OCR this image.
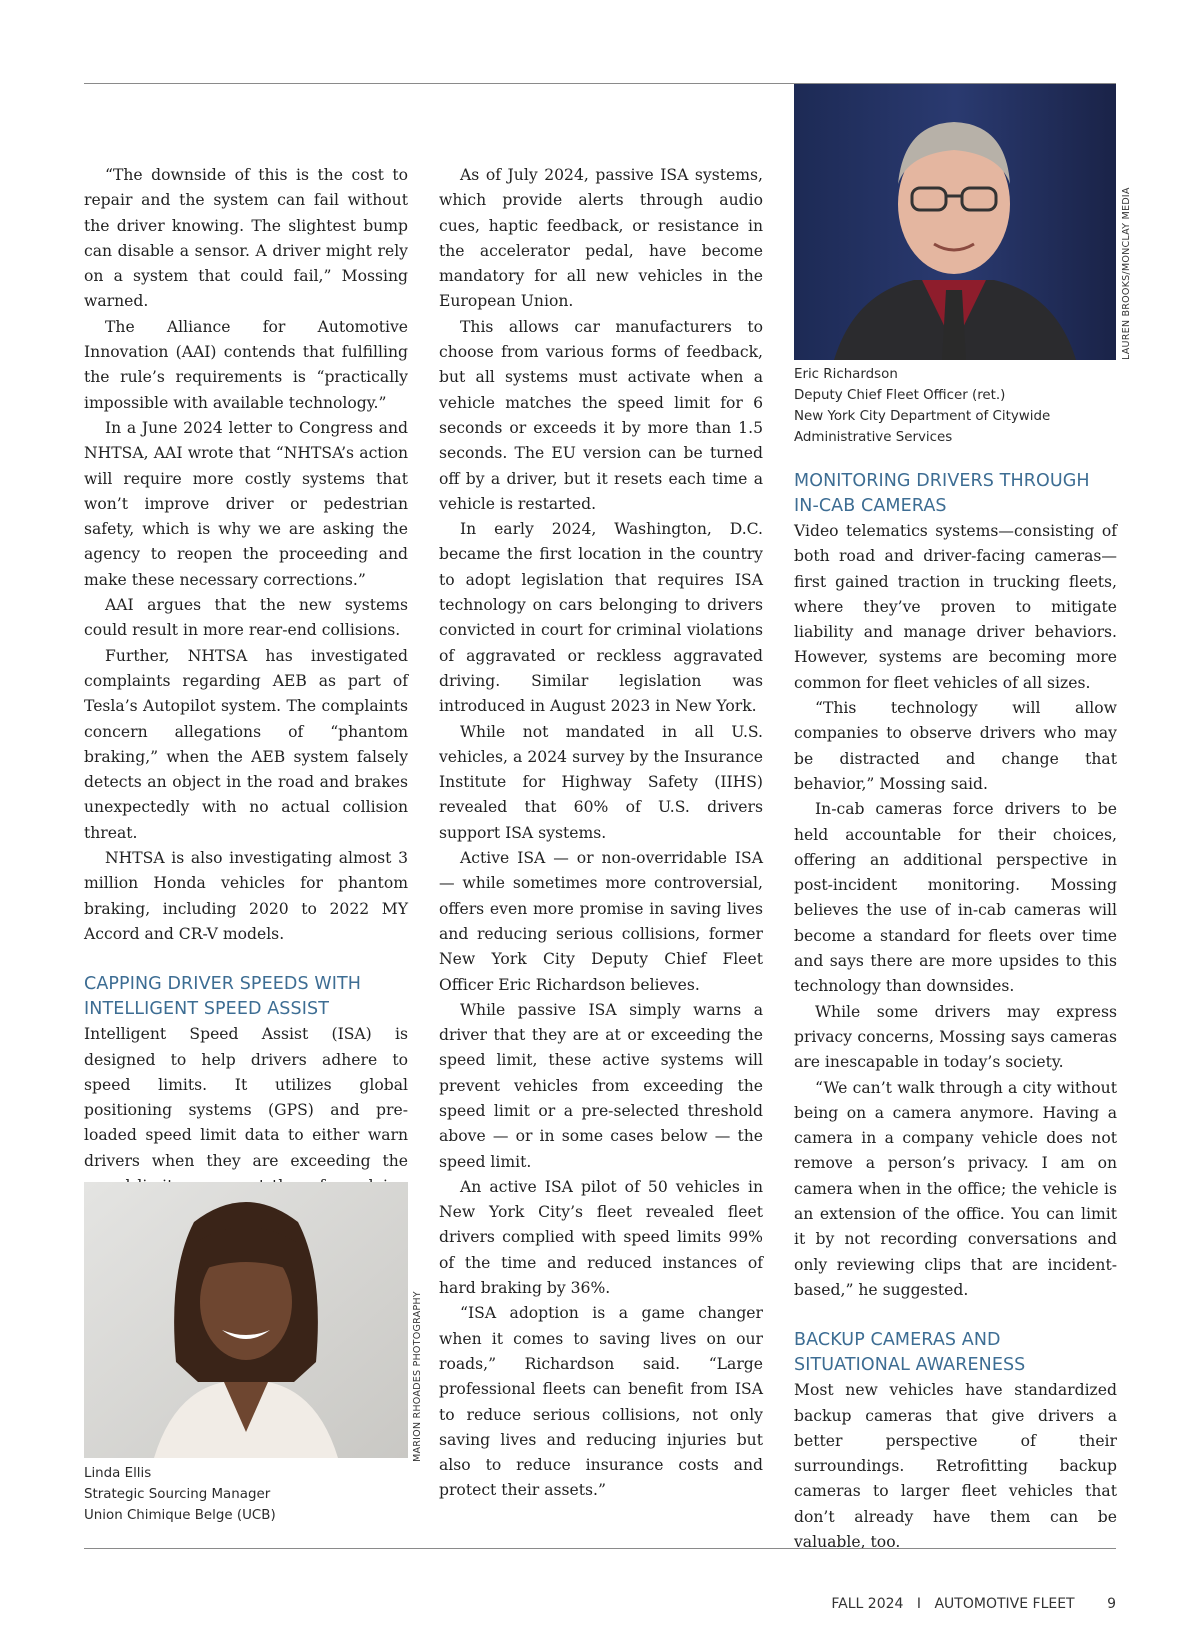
“The downside of this is the cost to repair and the system can fail without the driver knowing. The slightest bump can disable a sensor. A driver might rely on a system that could fail,” Mossing warned.

The Alliance for Automotive Innovation (AAI) contends that fulfilling the rule’s requirements is “practically impossible with available technology.”

In a June 2024 letter to Congress and NHTSA, AAI wrote that “NHTSA’s action will require more costly systems that won’t improve driver or pedestrian safety, which is why we are asking the agency to reopen the proceeding and make these necessary corrections.”

AAI argues that the new systems could result in more rear-end collisions.

Further, NHTSA has investigated complaints regarding AEB as part of Tesla’s Autopilot system. The complaints concern allegations of “phantom braking,” when the AEB system falsely detects an object in the road and brakes unexpectedly with no actual collision threat.

NHTSA is also investigating almost 3 million Honda vehicles for phantom braking, including 2020 to 2022 MY Accord and CR-V models.

CAPPING DRIVER SPEEDS WITH INTELLIGENT SPEED ASSIST

Intelligent Speed Assist (ISA) is designed to help drivers adhere to speed limits. It utilizes global positioning systems (GPS) and pre-loaded speed limit data to either warn drivers when they are exceeding the

MARION RHOADES PHOTOGRAPHY
Linda Ellis
Strategic Sourcing Manager
Union Chimique Belge (UCB)

As of July 2024, passive ISA systems, which provide alerts through audio cues, haptic feedback, or resistance in the accelerator pedal, have become mandatory for all new vehicles in the European Union.

This allows car manufacturers to choose from various forms of feedback, but all systems must activate when a vehicle matches the speed limit for 6 seconds or exceeds it by more than 1.5 seconds. The EU version can be turned off by a driver, but it resets each time a vehicle is restarted.

In early 2024, Washington, D.C. became the first location in the country to adopt legislation that requires ISA technology on cars belonging to drivers convicted in court for criminal violations of aggravated or reckless aggravated driving. Similar legislation was introduced in August 2023 in New York.

While not mandated in all U.S. vehicles, a 2024 survey by the Insurance Institute for Highway Safety (IIHS) revealed that 60% of U.S. drivers support ISA systems.

Active ISA — or non-overridable ISA — while sometimes more controversial, offers even more promise in saving lives and reducing serious collisions, former New York City Deputy Chief Fleet Officer Eric Richardson believes.

While passive ISA simply warns a driver that they are at or exceeding the speed limit, these active systems will prevent vehicles from exceeding the speed limit or a pre-selected threshold above — or in some cases below — the speed limit.

An active ISA pilot of 50 vehicles in New York City’s fleet revealed fleet drivers complied with speed limits 99% of the time and reduced instances of hard braking by 36%.

“ISA adoption is a game changer when it comes to saving lives on our roads,” Richardson said. “Large professional fleets can benefit from ISA to reduce serious collisions, not only saving lives and reducing injuries but also to reduce insurance costs and protect their assets.”

LAUREN BROOKS/MONCLAY MEDIA
Eric Richardson
Deputy Chief Fleet Officer (ret.)
New York City Department of Citywide
Administrative Services
MONITORING DRIVERS THROUGH IN-CAB CAMERAS

Video telematics systems—consisting of both road and driver-facing cameras—first gained traction in trucking fleets, where they’ve proven to mitigate liability and manage driver behaviors. However, systems are becoming more common for fleet vehicles of all sizes.

“This technology will allow companies to observe drivers who may be distracted and change that behavior,” Mossing said.

In-cab cameras force drivers to be held accountable for their choices, offering an additional perspective in post-incident monitoring. Mossing believes the use of in-cab cameras will become a standard for fleets over time and says there are more upsides to this technology than downsides.

While some drivers may express privacy concerns, Mossing says cameras are inescapable in today’s society.

“We can’t walk through a city without being on a camera anymore. Having a camera in a company vehicle does not remove a person’s privacy. I am on camera when in the office; the vehicle is an extension of the office. You can limit it by not recording conversations and only reviewing clips that are incident-based,” he suggested.

BACKUP CAMERAS AND SITUATIONAL AWARENESS

Most new vehicles have standardized backup cameras that give drivers a better perspective of their surroundings. Retrofitting backup cameras to larger fleet vehicles that don’t already have them can be valuable, too.

FALL 2024 I AUTOMOTIVE FLEET 9
